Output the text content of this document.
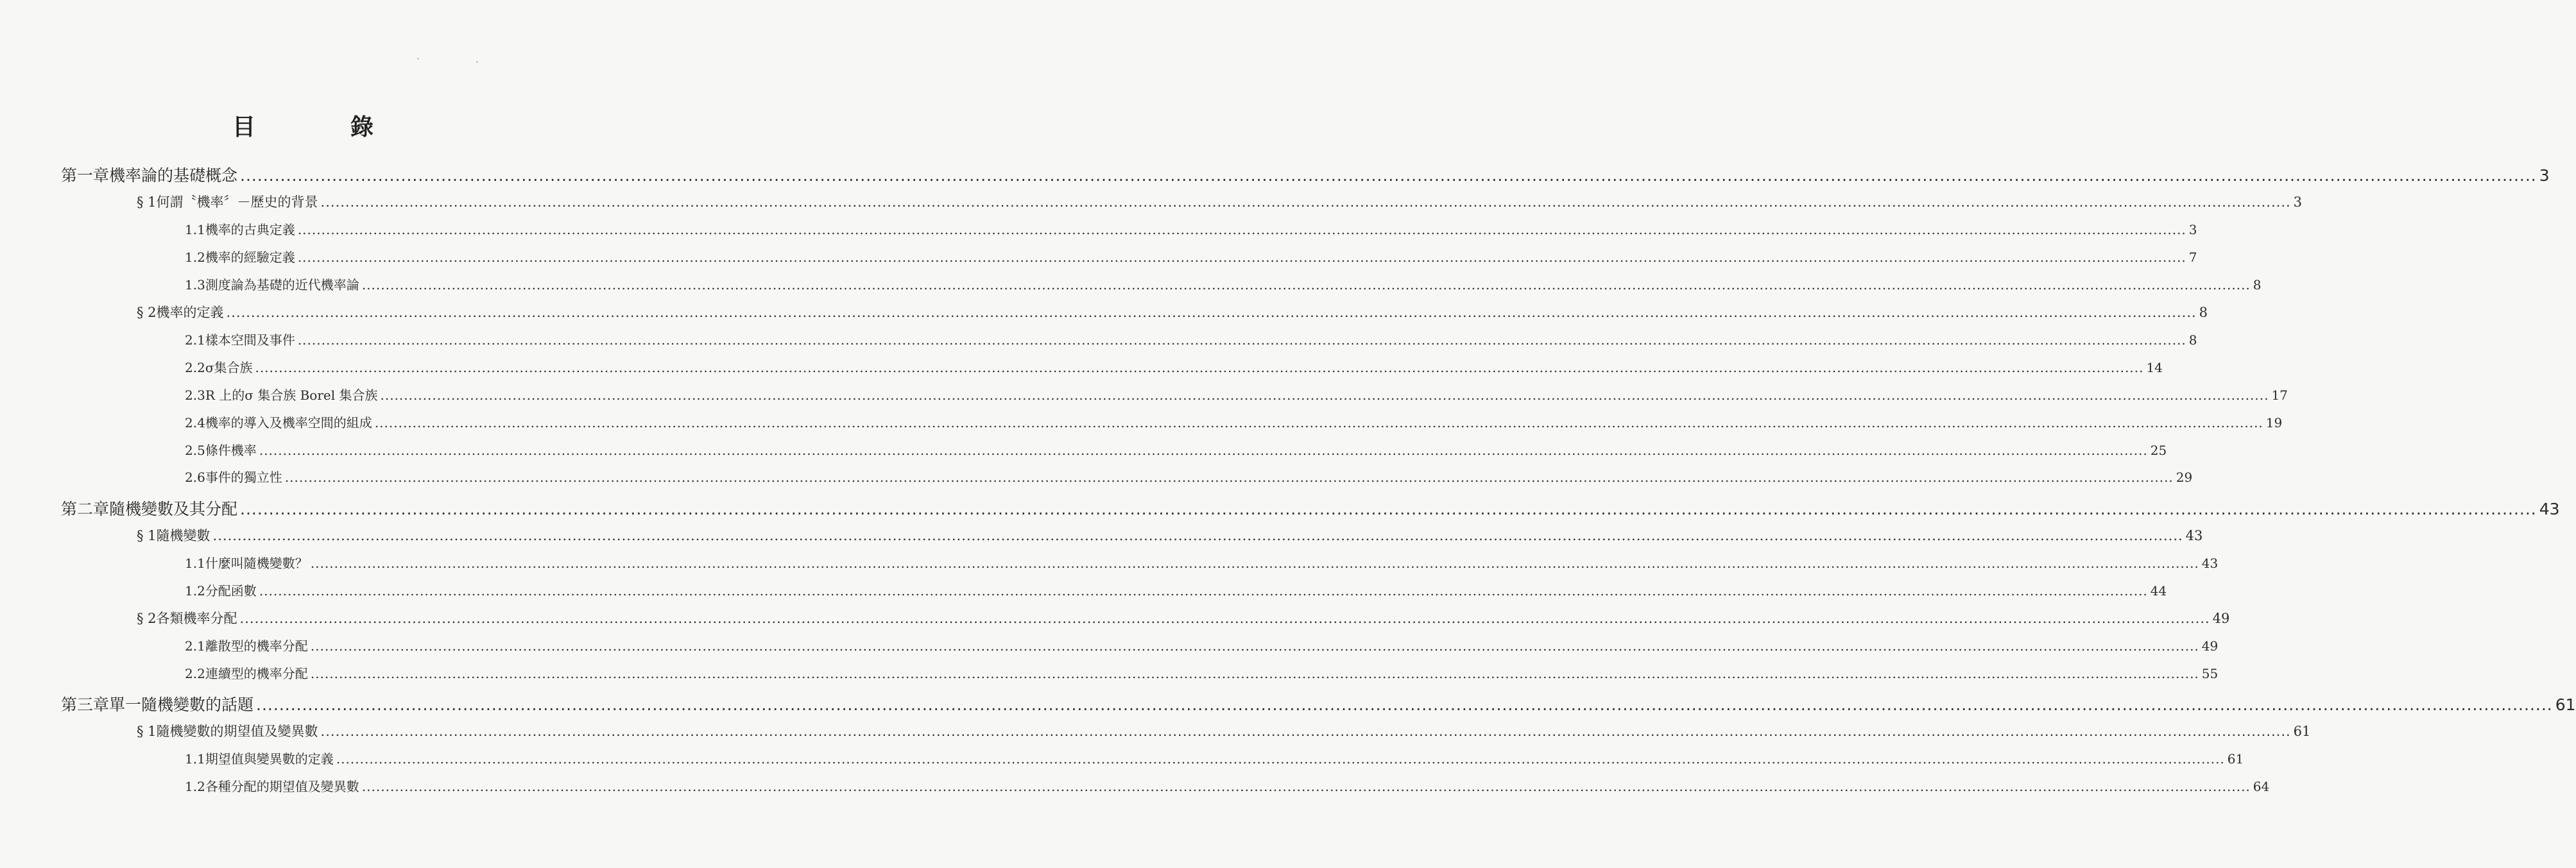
目　錄
第一章 機率論的基礎概念 ................................................................................................................................................................................................................................................................................................................................................................................................................ 3
§ 1 何謂〝機率〞－歷史的背景 ................................................................................................................................................................................................................................................................................................................................................................................................................ 3
1.1 機率的古典定義 ................................................................................................................................................................................................................................................................................................................................................................................................................ 3
1.2 機率的經驗定義 ................................................................................................................................................................................................................................................................................................................................................................................................................ 7
1.3 測度論為基礎的近代機率論 ................................................................................................................................................................................................................................................................................................................................................................................................................ 8
§ 2 機率的定義 ................................................................................................................................................................................................................................................................................................................................................................................................................ 8
2.1 樣本空間及事件 ................................................................................................................................................................................................................................................................................................................................................................................................................ 8
2.2 σ集合族 ................................................................................................................................................................................................................................................................................................................................................................................................................ 14
2.3 R 上的σ 集合族 Borel 集合族 ................................................................................................................................................................................................................................................................................................................................................................................................................ 17
2.4 機率的導入及機率空間的組成 ................................................................................................................................................................................................................................................................................................................................................................................................................ 19
2.5 條件機率 ................................................................................................................................................................................................................................................................................................................................................................................................................ 25
2.6 事件的獨立性 ................................................................................................................................................................................................................................................................................................................................................................................................................ 29
第二章 隨機變數及其分配 ................................................................................................................................................................................................................................................................................................................................................................................................................ 43
§ 1 隨機變數 ................................................................................................................................................................................................................................................................................................................................................................................................................ 43
1.1 什麼叫隨機變數？ ................................................................................................................................................................................................................................................................................................................................................................................................................ 43
1.2 分配函數 ................................................................................................................................................................................................................................................................................................................................................................................................................ 44
§ 2 各類機率分配 ................................................................................................................................................................................................................................................................................................................................................................................................................ 49
2.1 離散型的機率分配 ................................................................................................................................................................................................................................................................................................................................................................................................................ 49
2.2 連續型的機率分配 ................................................................................................................................................................................................................................................................................................................................................................................................................ 55
第三章 單一隨機變數的話題 ................................................................................................................................................................................................................................................................................................................................................................................................................ 61
§ 1 隨機變數的期望值及變異數 ................................................................................................................................................................................................................................................................................................................................................................................................................ 61
1.1 期望值與變異數的定義 ................................................................................................................................................................................................................................................................................................................................................................................................................ 61
1.2 各種分配的期望值及變異數 ................................................................................................................................................................................................................................................................................................................................................................................................................ 64
